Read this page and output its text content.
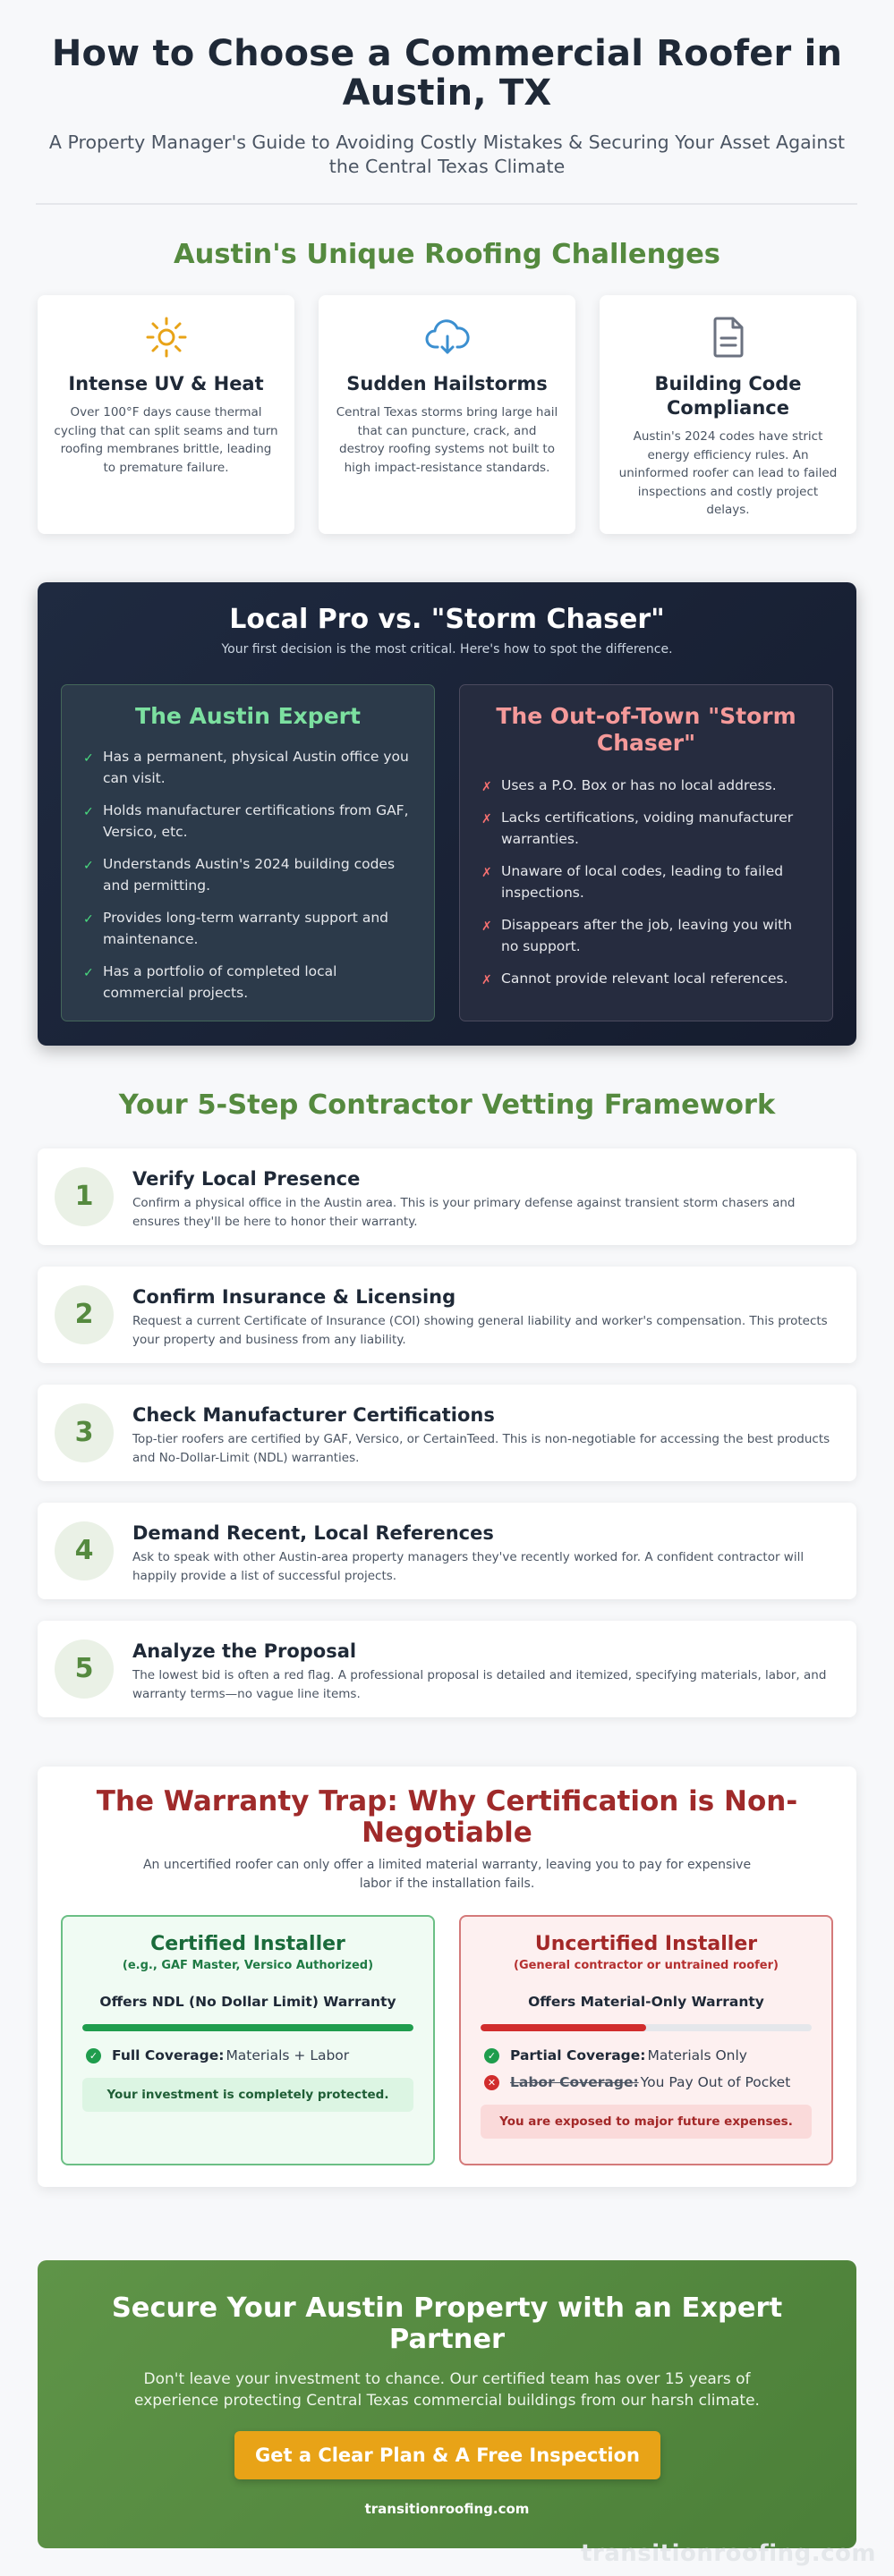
How to Choose a Commercial Roofer in Austin, TX

A Property Manager's Guide to Avoiding Costly Mistakes & Securing Your Asset Against the Central Texas Climate

Austin's Unique Roofing Challenges
Intense UV & Heat

Over 100°F days cause thermal cycling that can split seams and turn roofing membranes brittle, leading to premature failure.

Sudden Hailstorms

Central Texas storms bring large hail that can puncture, crack, and destroy roofing systems not built to high impact-resistance standards.

Building Code Compliance

Austin's 2024 codes have strict energy efficiency rules. An uninformed roofer can lead to failed inspections and costly project delays.

Local Pro vs. "Storm Chaser"
Your first decision is the most critical. Here's how to spot the difference.
The Austin Expert
✓ Has a permanent, physical Austin office you can visit.
✓ Holds manufacturer certifications from GAF, Versico, etc.
✓ Understands Austin's 2024 building codes and permitting.
✓ Provides long-term warranty support and maintenance.
✓ Has a portfolio of completed local commercial projects.
The Out-of-Town "Storm Chaser"
✗ Uses a P.O. Box or has no local address.
✗ Lacks certifications, voiding manufacturer warranties.
✗ Unaware of local codes, leading to failed inspections.
✗ Disappears after the job, leaving you with no support.
✗ Cannot provide relevant local references.
Your 5-Step Contractor Vetting Framework
1
Verify Local Presence

Confirm a physical office in the Austin area. This is your primary defense against transient storm chasers and ensures they'll be here to honor their warranty.

2
Confirm Insurance & Licensing

Request a current Certificate of Insurance (COI) showing general liability and worker's compensation. This protects your property and business from any liability.

3
Check Manufacturer Certifications

Top-tier roofers are certified by GAF, Versico, or CertainTeed. This is non-negotiable for accessing the best products and No-Dollar-Limit (NDL) warranties.

4
Demand Recent, Local References

Ask to speak with other Austin-area property managers they've recently worked for. A confident contractor will happily provide a list of successful projects.

5
Analyze the Proposal

The lowest bid is often a red flag. A professional proposal is detailed and itemized, specifying materials, labor, and warranty terms—no vague line items.

The Warranty Trap: Why Certification is Non-Negotiable
An uncertified roofer can only offer a limited material warranty, leaving you to pay for expensive labor if the installation fails.
Certified Installer
(e.g., GAF Master, Versico Authorized)
Offers NDL (No Dollar Limit) Warranty
✓ Full Coverage: Materials + Labor
Your investment is completely protected.
Uncertified Installer
(General contractor or untrained roofer)
Offers Material-Only Warranty
✓ Partial Coverage: Materials Only
✕ Labor Coverage: You Pay Out of Pocket
You are exposed to major future expenses.
Secure Your Austin Property with an Expert Partner

Don't leave your investment to chance. Our certified team has over 15 years of experience protecting Central Texas commercial buildings from our harsh climate.

Get a Clear Plan & A Free Inspection
transitionroofing.com
transitionroofing.com
